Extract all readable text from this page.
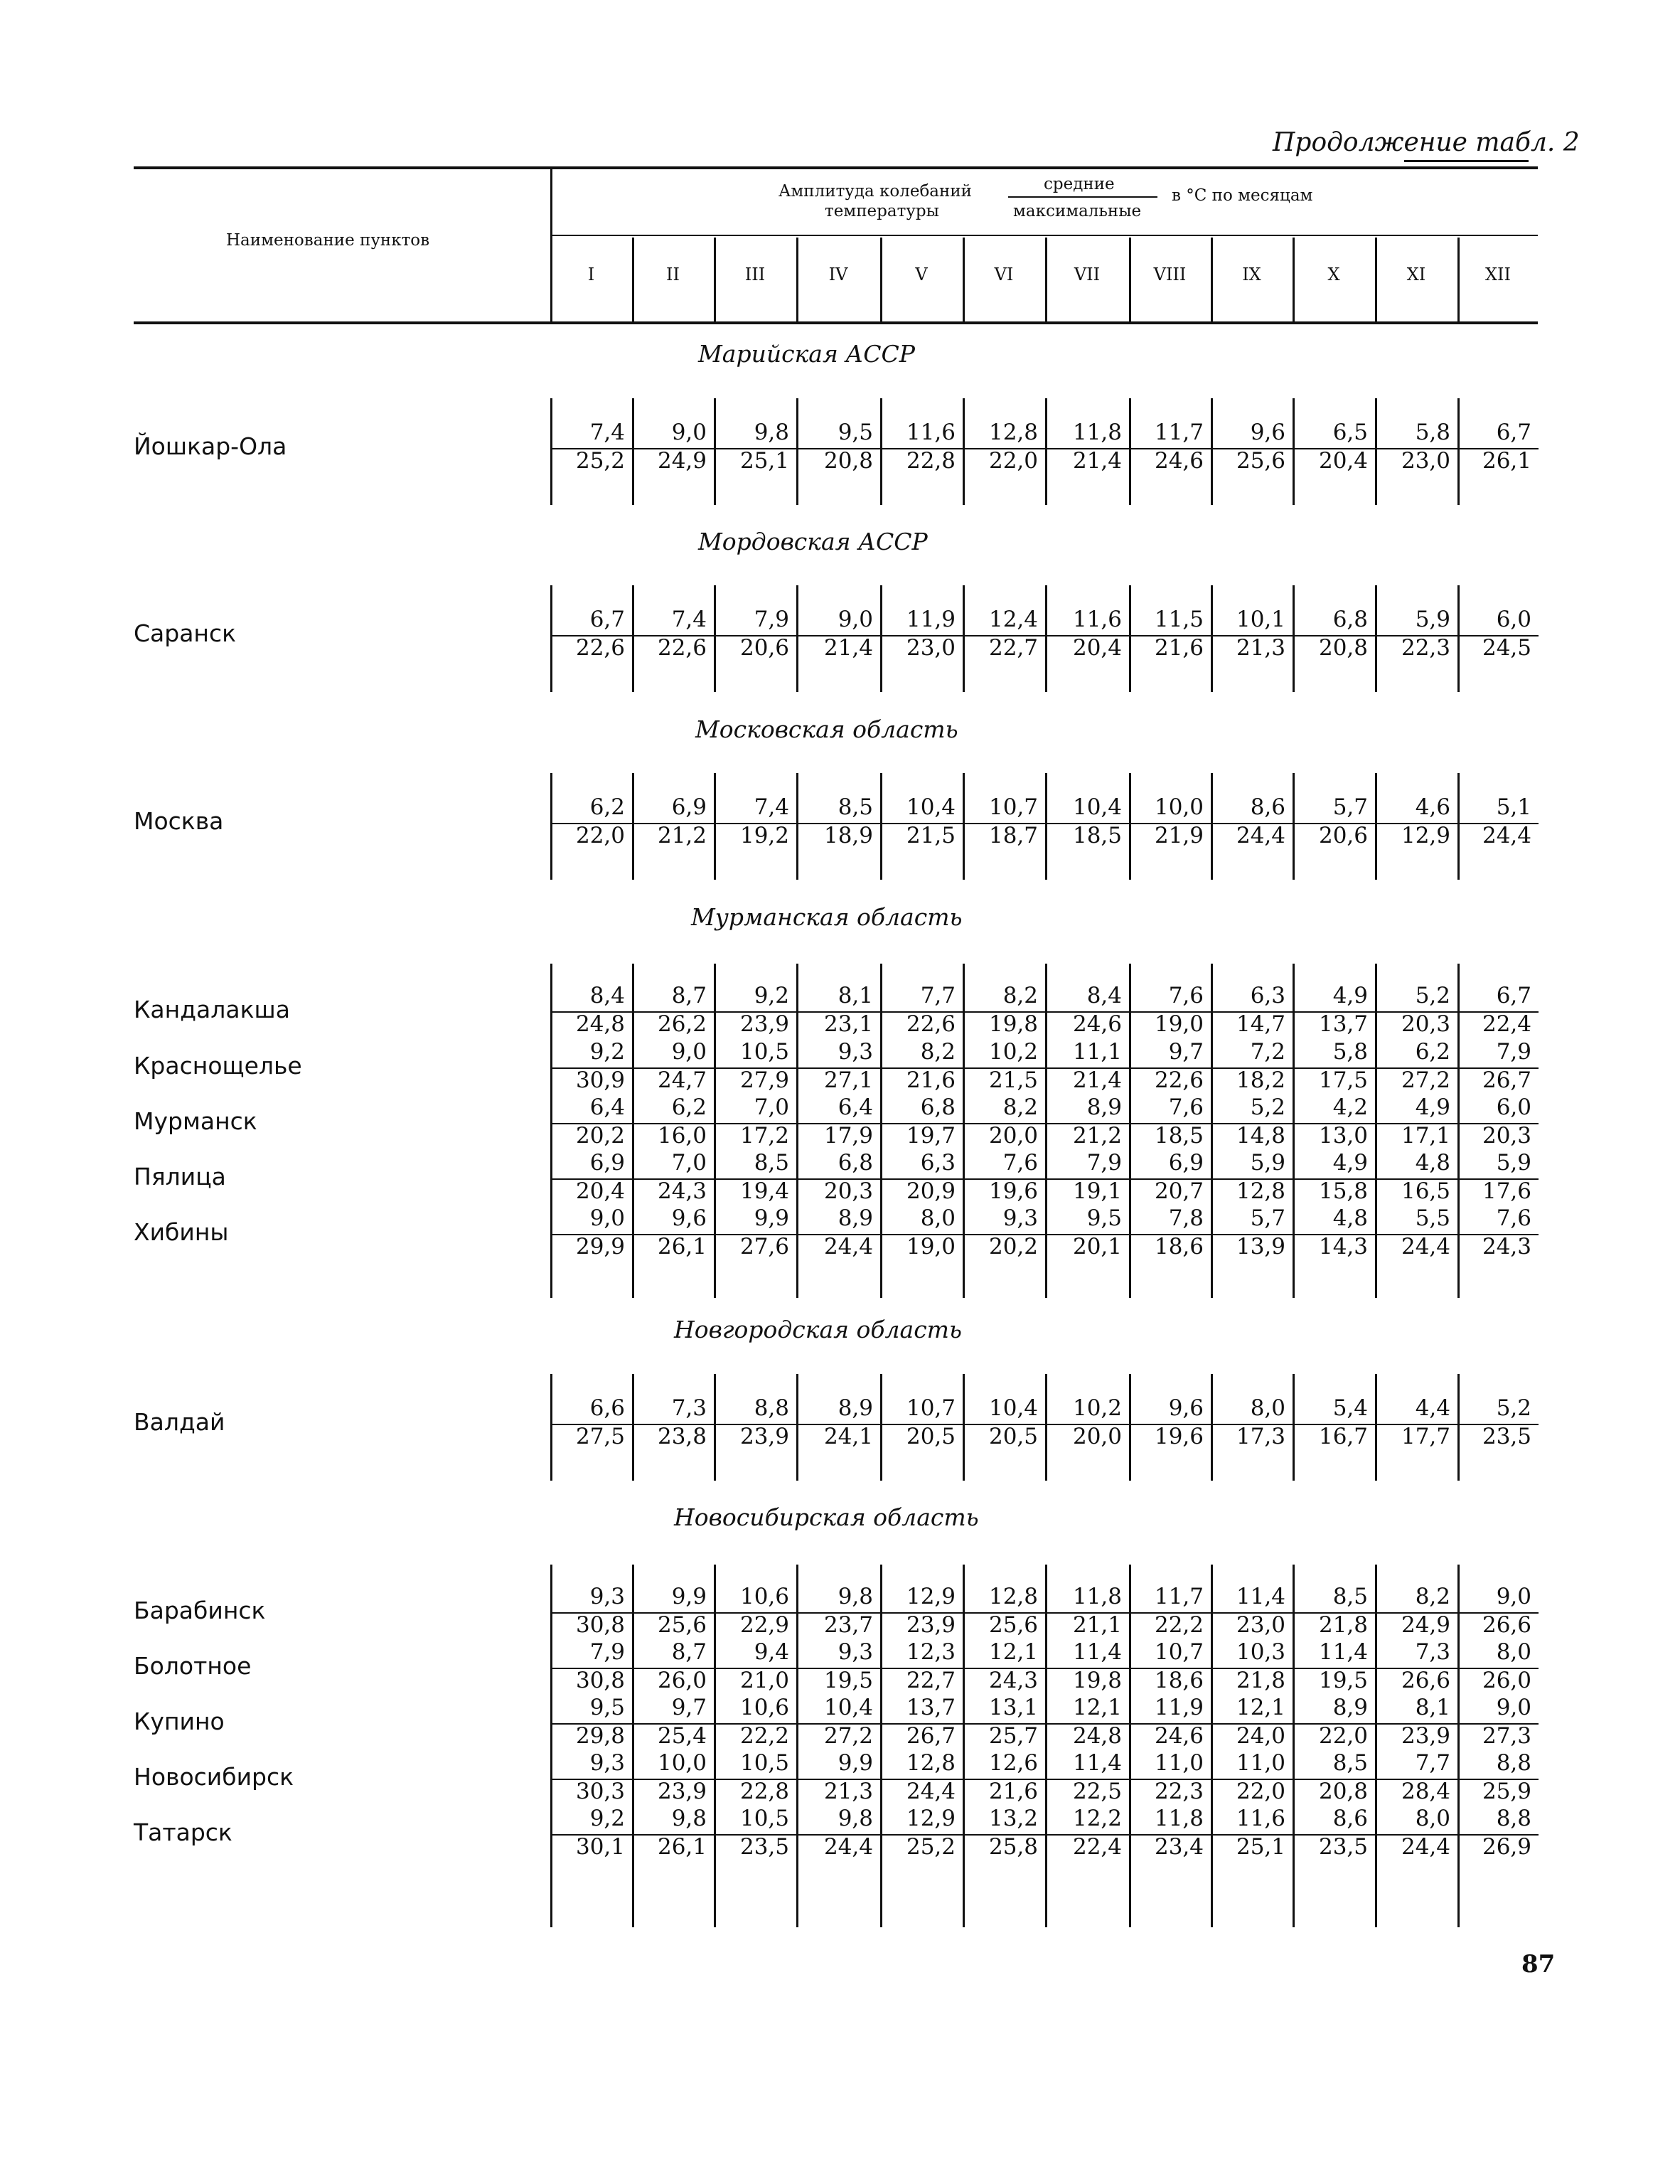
Продолжение табл. 2
Наименование пунктов
Амплитуда колебаний
температуры
средние
максимальные
в °С по месяцам
I	II	III	IV	V	VI	VII	VIII	IX	X	XI	XII
Марийская АССР
Йошкар-Ола	7,4	9,0	9,8	9,5	11,6	12,8	11,8	11,7	9,6	6,5	5,8	6,7
25,2	24,9	25,1	20,8	22,8	22,0	21,4	24,6	25,6	20,4	23,0	26,1
Мордовская АССР
Саранск	6,7	7,4	7,9	9,0	11,9	12,4	11,6	11,5	10,1	6,8	5,9	6,0
22,6	22,6	20,6	21,4	23,0	22,7	20,4	21,6	21,3	20,8	22,3	24,5
Московская область
Москва	6,2	6,9	7,4	8,5	10,4	10,7	10,4	10,0	8,6	5,7	4,6	5,1
22,0	21,2	19,2	18,9	21,5	18,7	18,5	21,9	24,4	20,6	12,9	24,4
Мурманская область
Кандалакша	8,4	8,7	9,2	8,1	7,7	8,2	8,4	7,6	6,3	4,9	5,2	6,7
24,8	26,2	23,9	23,1	22,6	19,8	24,6	19,0	14,7	13,7	20,3	22,4
Краснощелье	9,2	9,0	10,5	9,3	8,2	10,2	11,1	9,7	7,2	5,8	6,2	7,9
30,9	24,7	27,9	27,1	21,6	21,5	21,4	22,6	18,2	17,5	27,2	26,7
Мурманск	6,4	6,2	7,0	6,4	6,8	8,2	8,9	7,6	5,2	4,2	4,9	6,0
20,2	16,0	17,2	17,9	19,7	20,0	21,2	18,5	14,8	13,0	17,1	20,3
Пялица	6,9	7,0	8,5	6,8	6,3	7,6	7,9	6,9	5,9	4,9	4,8	5,9
20,4	24,3	19,4	20,3	20,9	19,6	19,1	20,7	12,8	15,8	16,5	17,6
Хибины	9,0	9,6	9,9	8,9	8,0	9,3	9,5	7,8	5,7	4,8	5,5	7,6
29,9	26,1	27,6	24,4	19,0	20,2	20,1	18,6	13,9	14,3	24,4	24,3
Новгородская область
Валдай	6,6	7,3	8,8	8,9	10,7	10,4	10,2	9,6	8,0	5,4	4,4	5,2
27,5	23,8	23,9	24,1	20,5	20,5	20,0	19,6	17,3	16,7	17,7	23,5
Новосибирская область
Барабинск	9,3	9,9	10,6	9,8	12,9	12,8	11,8	11,7	11,4	8,5	8,2	9,0
30,8	25,6	22,9	23,7	23,9	25,6	21,1	22,2	23,0	21,8	24,9	26,6
Болотное	7,9	8,7	9,4	9,3	12,3	12,1	11,4	10,7	10,3	11,4	7,3	8,0
30,8	26,0	21,0	19,5	22,7	24,3	19,8	18,6	21,8	19,5	26,6	26,0
Купино	9,5	9,7	10,6	10,4	13,7	13,1	12,1	11,9	12,1	8,9	8,1	9,0
29,8	25,4	22,2	27,2	26,7	25,7	24,8	24,6	24,0	22,0	23,9	27,3
Новосибирск	9,3	10,0	10,5	9,9	12,8	12,6	11,4	11,0	11,0	8,5	7,7	8,8
30,3	23,9	22,8	21,3	24,4	21,6	22,5	22,3	22,0	20,8	28,4	25,9
Татарск	9,2	9,8	10,5	9,8	12,9	13,2	12,2	11,8	11,6	8,6	8,0	8,8
30,1	26,1	23,5	24,4	25,2	25,8	22,4	23,4	25,1	23,5	24,4	26,9
87
